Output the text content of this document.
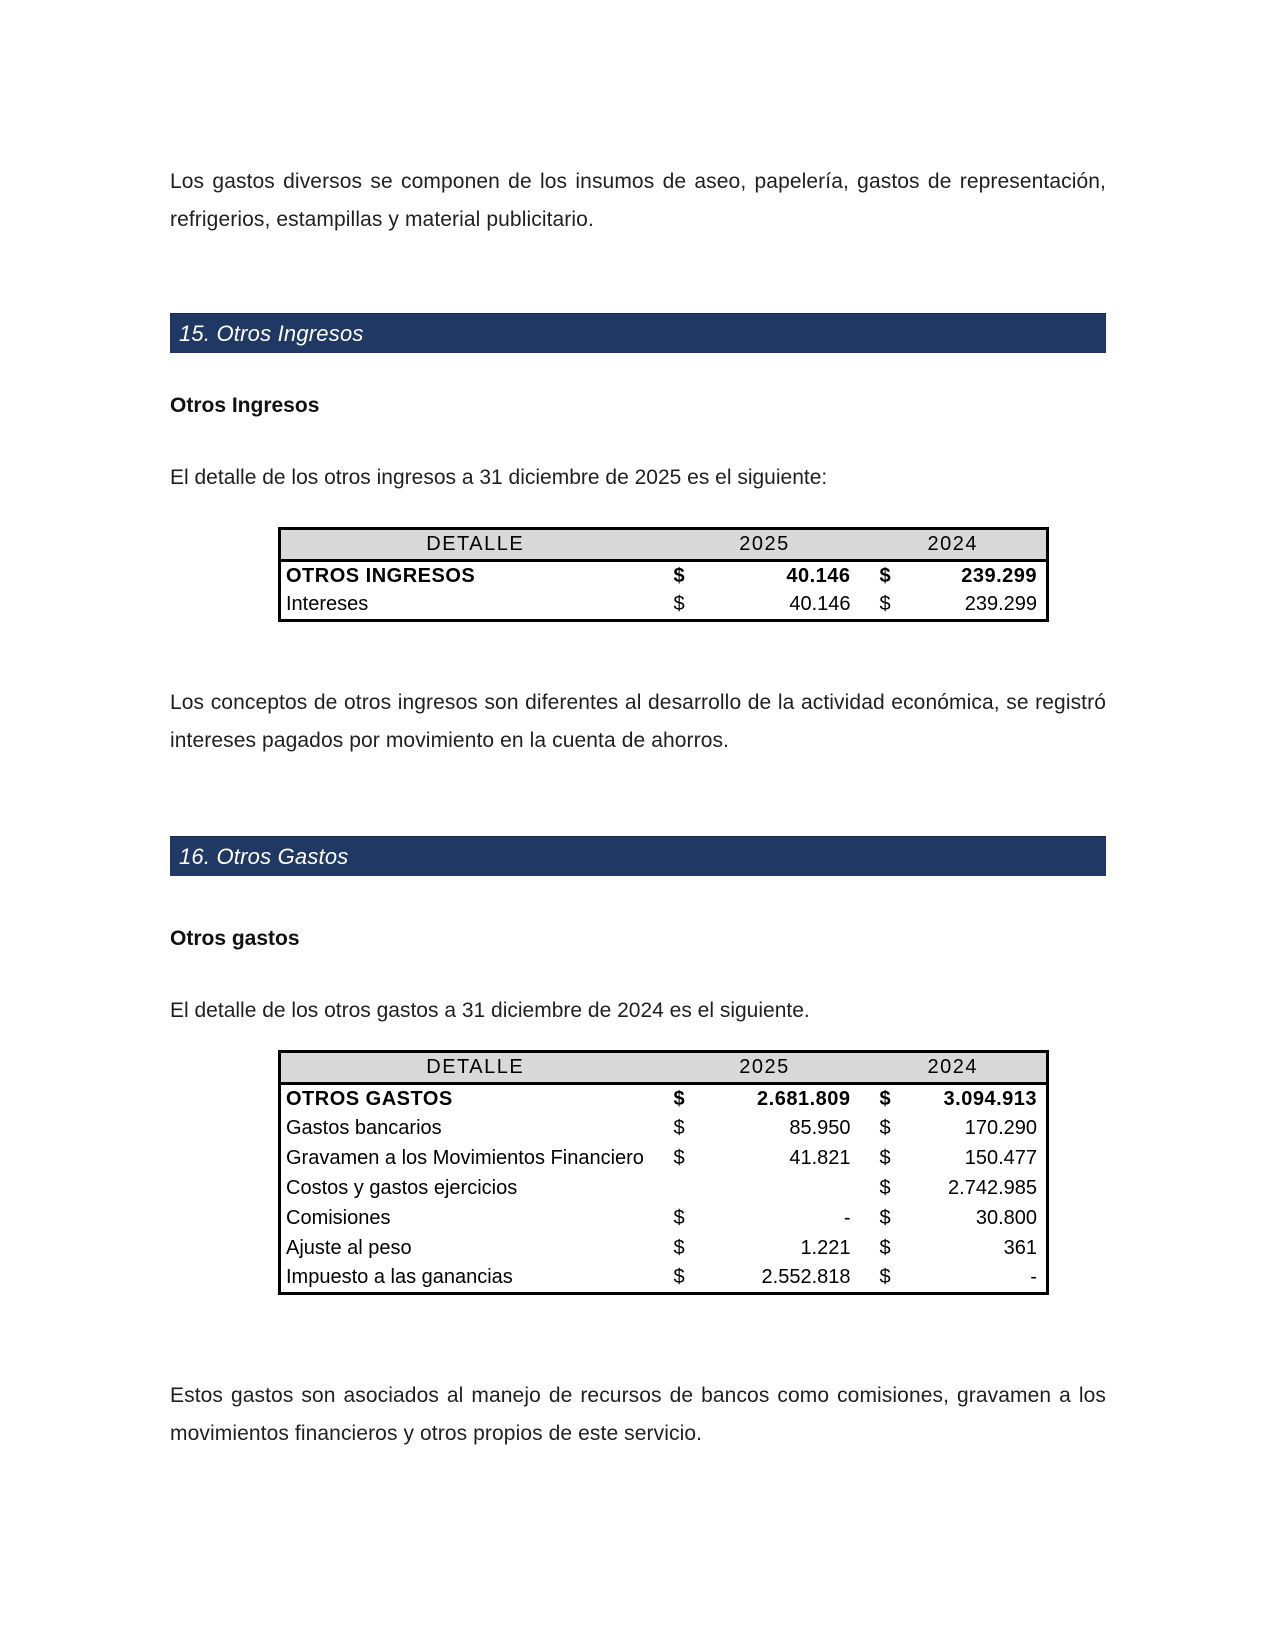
Los gastos diversos se componen de los insumos de aseo, papelería, gastos de representación, refrigerios, estampillas y material publicitario.

15. Otros Ingresos
Otros Ingresos

El detalle de los otros ingresos a 31 diciembre de 2025 es el siguiente:

DETALLE	2025		2024	
OTROS INGRESOS	$	40.146	$	239.299
Intereses	$	40.146	$	239.299

Los conceptos de otros ingresos son diferentes al desarrollo de la actividad económica, se registró intereses pagados por movimiento en la cuenta de ahorros.

16. Otros Gastos
Otros gastos

El detalle de los otros gastos a 31 diciembre de 2024 es el siguiente.

DETALLE	2025		2024	
OTROS GASTOS	$	2.681.809	$	3.094.913
Gastos bancarios	$	85.950	$	170.290
Gravamen a los Movimientos Financiero	$	41.821	$	150.477
Costos y gastos ejercicios			$	2.742.985
Comisiones	$	-	$	30.800
Ajuste al peso	$	1.221	$	361
Impuesto a las ganancias	$	2.552.818	$	-

Estos gastos son asociados al manejo de recursos de bancos como comisiones, gravamen a los movimientos financieros y otros propios de este servicio.
